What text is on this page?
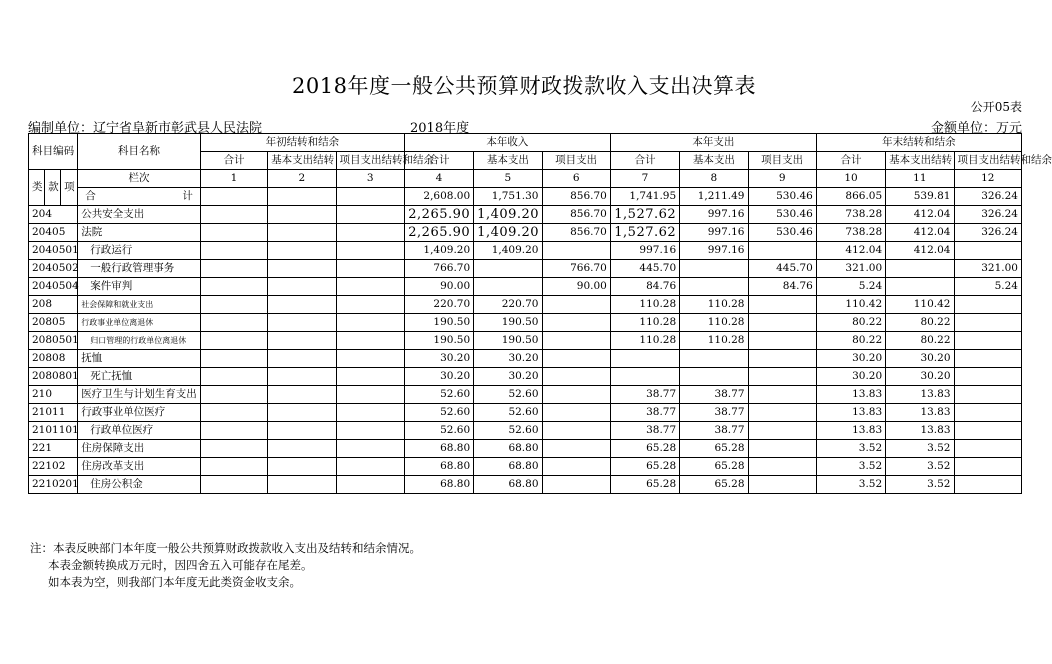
2018年度一般公共预算财政拨款收入支出决算表
公开05表
编制单位：辽宁省阜新市彰武县人民法院	2018年度	金额单位：万元
科目编码			科目名称	年初结转和结余			本年收入			本年支出			年末结转和结余		
				合计	基本支出结转	项目支出结转和结余	合计	基本支出	项目支出	合计	基本支出	项目支出	合计	基本支出结转	项目支出结转和结余
类	款	项	栏次	1	2	3	4	5	6	7	8	9	10	11	12

			合 计				2,608.00	1,751.30	856.70	1,741.95	1,211.49	530.46	866.05	539.81	326.24
204			公共安全支出				2,265.90	1,409.20	856.70	1,527.62	997.16	530.46	738.28	412.04	326.24
20405			法院				2,265.90	1,409.20	856.70	1,527.62	997.16	530.46	738.28	412.04	326.24
2040501			行政运行				1,409.20	1,409.20		997.16	997.16		412.04	412.04	
2040502			一般行政管理事务				766.70		766.70	445.70		445.70	321.00		321.00
2040504			案件审判				90.00		90.00	84.76		84.76	5.24		5.24
208			社会保障和就业支出				220.70	220.70		110.28	110.28		110.42	110.42	
20805			行政事业单位离退休				190.50	190.50		110.28	110.28		80.22	80.22	
2080501			归口管理的行政单位离退休				190.50	190.50		110.28	110.28		80.22	80.22	
20808			抚恤				30.20	30.20					30.20	30.20	
2080801			死亡抚恤				30.20	30.20					30.20	30.20	
210			医疗卫生与计划生育支出				52.60	52.60		38.77	38.77		13.83	13.83	
21011			行政事业单位医疗				52.60	52.60		38.77	38.77		13.83	13.83	
2101101			行政单位医疗				52.60	52.60		38.77	38.77		13.83	13.83	
221			住房保障支出				68.80	68.80		65.28	65.28		3.52	3.52	
22102			住房改革支出				68.80	68.80		65.28	65.28		3.52	3.52	
2210201			住房公积金				68.80	68.80		65.28	65.28		3.52	3.52	
注：本表反映部门本年度一般公共预算财政拨款收入支出及结转和结余情况。
本表金额转换成万元时，因四舍五入可能存在尾差。
如本表为空，则我部门本年度无此类资金收支余。
